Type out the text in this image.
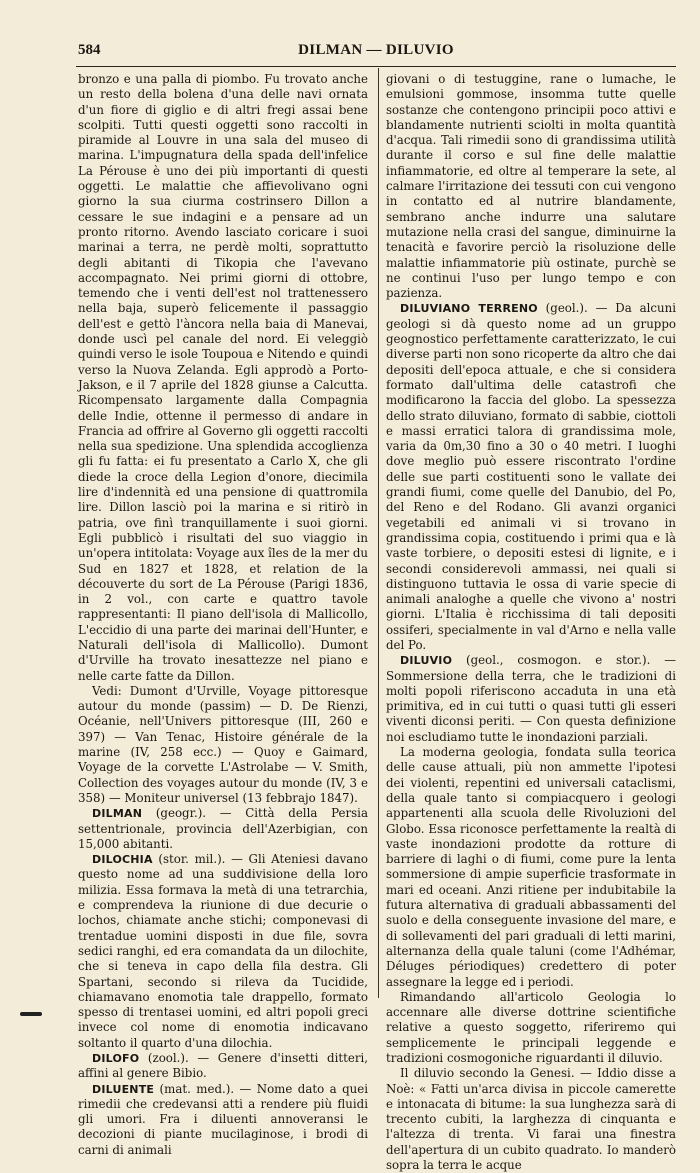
584	DILMAN — DILUVIO

bronzo e una palla di piombo. Fu trovato anche un resto della bolena d'una delle navi ornata d'un fiore di giglio e di altri fregi assai bene scolpiti. Tutti questi oggetti sono raccolti in piramide al Louvre in una sala del museo di marina. L'impugnatura della spada dell'infelice La Pérouse è uno dei più importanti di questi oggetti. Le malattie che affievolivano ogni giorno la sua ciurma costrinsero Dillon a cessare le sue indagini e a pensare ad un pronto ritorno. Avendo lasciato coricare i suoi marinai a terra, ne perdè molti, soprattutto degli abitanti di Tikopia che l'avevano accompagnato. Nei primi giorni di ottobre, temendo che i venti dell'est nol trattenessero nella baja, superò felicemente il passaggio dell'est e gettò l'àncora nella baia di Manevai, donde uscì pel canale del nord. Ei veleggiò quindi verso le isole Toupoua e Nitendo e quindi verso la Nuova Zelanda. Egli approdò a Porto-Jakson, e il 7 aprile del 1828 giunse a Calcutta. Ricompensato largamente dalla Compagnia delle Indie, ottenne il permesso di andare in Francia ad offrire al Governo gli oggetti raccolti nella sua spedizione. Una splendida accoglienza gli fu fatta: ei fu presentato a Carlo X, che gli diede la croce della Legion d'onore, diecimila lire d'indennità ed una pensione di quattromila lire. Dillon lasciò poi la marina e si ritirò in patria, ove finì tranquillamente i suoi giorni. Egli pubblicò i risultati del suo viaggio in un'opera intitolata: Voyage aux îles de la mer du Sud en 1827 et 1828, et relation de la découverte du sort de La Pérouse (Parigi 1836, in 2 vol., con carte e quattro tavole rappresentanti: Il piano dell'isola di Mallicollo, L'eccidio di una parte dei marinai dell'Hunter, e Naturali dell'isola di Mallicollo). Dumont d'Urville ha trovato inesattezze nel piano e nelle carte fatte da Dillon.

Vedi: Dumont d'Urville, Voyage pittoresque autour du monde (passim) — D. De Rienzi, Océanie, nell'Univers pittoresque (III, 260 e 397) — Van Tenac, Histoire générale de la marine (IV, 258 ecc.) — Quoy e Gaimard, Voyage de la corvette L'Astrolabe — V. Smith, Collection des voyages autour du monde (IV, 3 e 358) — Moniteur universel (13 febbrajo 1847).

DILMAN (geogr.). — Città della Persia settentrionale, provincia dell'Azerbigian, con 15,000 abitanti.

DILOCHIA (stor. mil.). — Gli Ateniesi davano questo nome ad una suddivisione della loro milizia. Essa formava la metà di una tetrarchia, e comprendeva la riunione di due decurie o lochos, chiamate anche stichi; componevasi di trentadue uomini disposti in due file, sovra sedici ranghi, ed era comandata da un dilochite, che si teneva in capo della fila destra. Gli Spartani, secondo si rileva da Tucidide, chiamavano enomotia tale drappello, formato spesso di trentasei uomini, ed altri popoli greci invece col nome di enomotia indicavano soltanto il quarto d'una dilochia.

DILOFO (zool.). — Genere d'insetti ditteri, affini al genere Bibio.

DILUENTE (mat. med.). — Nome dato a quei rimedii che credevansi atti a rendere più fluidi gli umori. Fra i diluenti annoveransi le decozioni di piante mucilaginose, i brodi di carni di animali

giovani o di testuggine, rane o lumache, le emulsioni gommose, insomma tutte quelle sostanze che contengono principii poco attivi e blandamente nutrienti sciolti in molta quantità d'acqua. Tali rimedii sono di grandissima utilità durante il corso e sul fine delle malattie infiammatorie, ed oltre al temperare la sete, al calmare l'irritazione dei tessuti con cui vengono in contatto ed al nutrire blandamente, sembrano anche indurre una salutare mutazione nella crasi del sangue, diminuirne la tenacità e favorire perciò la risoluzione delle malattie infiammatorie più ostinate, purchè se ne continui l'uso per lungo tempo e con pazienza.

DILUVIANO TERRENO (geol.). — Da alcuni geologi si dà questo nome ad un gruppo geognostico perfettamente caratterizzato, le cui diverse parti non sono ricoperte da altro che dai depositi dell'epoca attuale, e che si considera formato dall'ultima delle catastrofi che modificarono la faccia del globo. La spessezza dello strato diluviano, formato di sabbie, ciottoli e massi erratici talora di grandissima mole, varia da 0m,30 fino a 30 o 40 metri. I luoghi dove meglio può essere riscontrato l'ordine delle sue parti costituenti sono le vallate dei grandi fiumi, come quelle del Danubio, del Po, del Reno e del Rodano. Gli avanzi organici vegetabili ed animali vi si trovano in grandissima copia, costituendo i primi qua e là vaste torbiere, o depositi estesi di lignite, e i secondi considerevoli ammassi, nei quali si distinguono tuttavia le ossa di varie specie di animali analoghe a quelle che vivono a' nostri giorni. L'Italia è ricchissima di tali depositi ossiferi, specialmente in val d'Arno e nella valle del Po.

DILUVIO (geol., cosmogon. e stor.). — Sommersione della terra, che le tradizioni di molti popoli riferiscono accaduta in una età primitiva, ed in cui tutti o quasi tutti gli esseri viventi diconsi periti. — Con questa definizione noi escludiamo tutte le inondazioni parziali.

La moderna geologia, fondata sulla teorica delle cause attuali, più non ammette l'ipotesi dei violenti, repentini ed universali cataclismi, della quale tanto si compiacquero i geologi appartenenti alla scuola delle Rivoluzioni del Globo. Essa riconosce perfettamente la realtà di vaste inondazioni prodotte da rotture di barriere di laghi o di fiumi, come pure la lenta sommersione di ampie superficie trasformate in mari ed oceani. Anzi ritiene per indubitabile la futura alternativa di graduali abbassamenti del suolo e della conseguente invasione del mare, e di sollevamenti del pari graduali di letti marini, alternanza della quale taluni (come l'Adhémar, Déluges périodiques) credettero di poter assegnare la legge ed i periodi.

Rimandando all'articolo Geologia lo accennare alle diverse dottrine scientifiche relative a questo soggetto, riferiremo qui semplicemente le principali leggende e tradizioni cosmogoniche riguardanti il diluvio.

Il diluvio secondo la Genesi. — Iddio disse a Noè: « Fatti un'arca divisa in piccole camerette e intonacata di bitume: la sua lunghezza sarà di trecento cubiti, la larghezza di cinquanta e l'altezza di trenta. Vi farai una finestra dell'apertura di un cubito quadrato. Io manderò sopra la terra le acque
